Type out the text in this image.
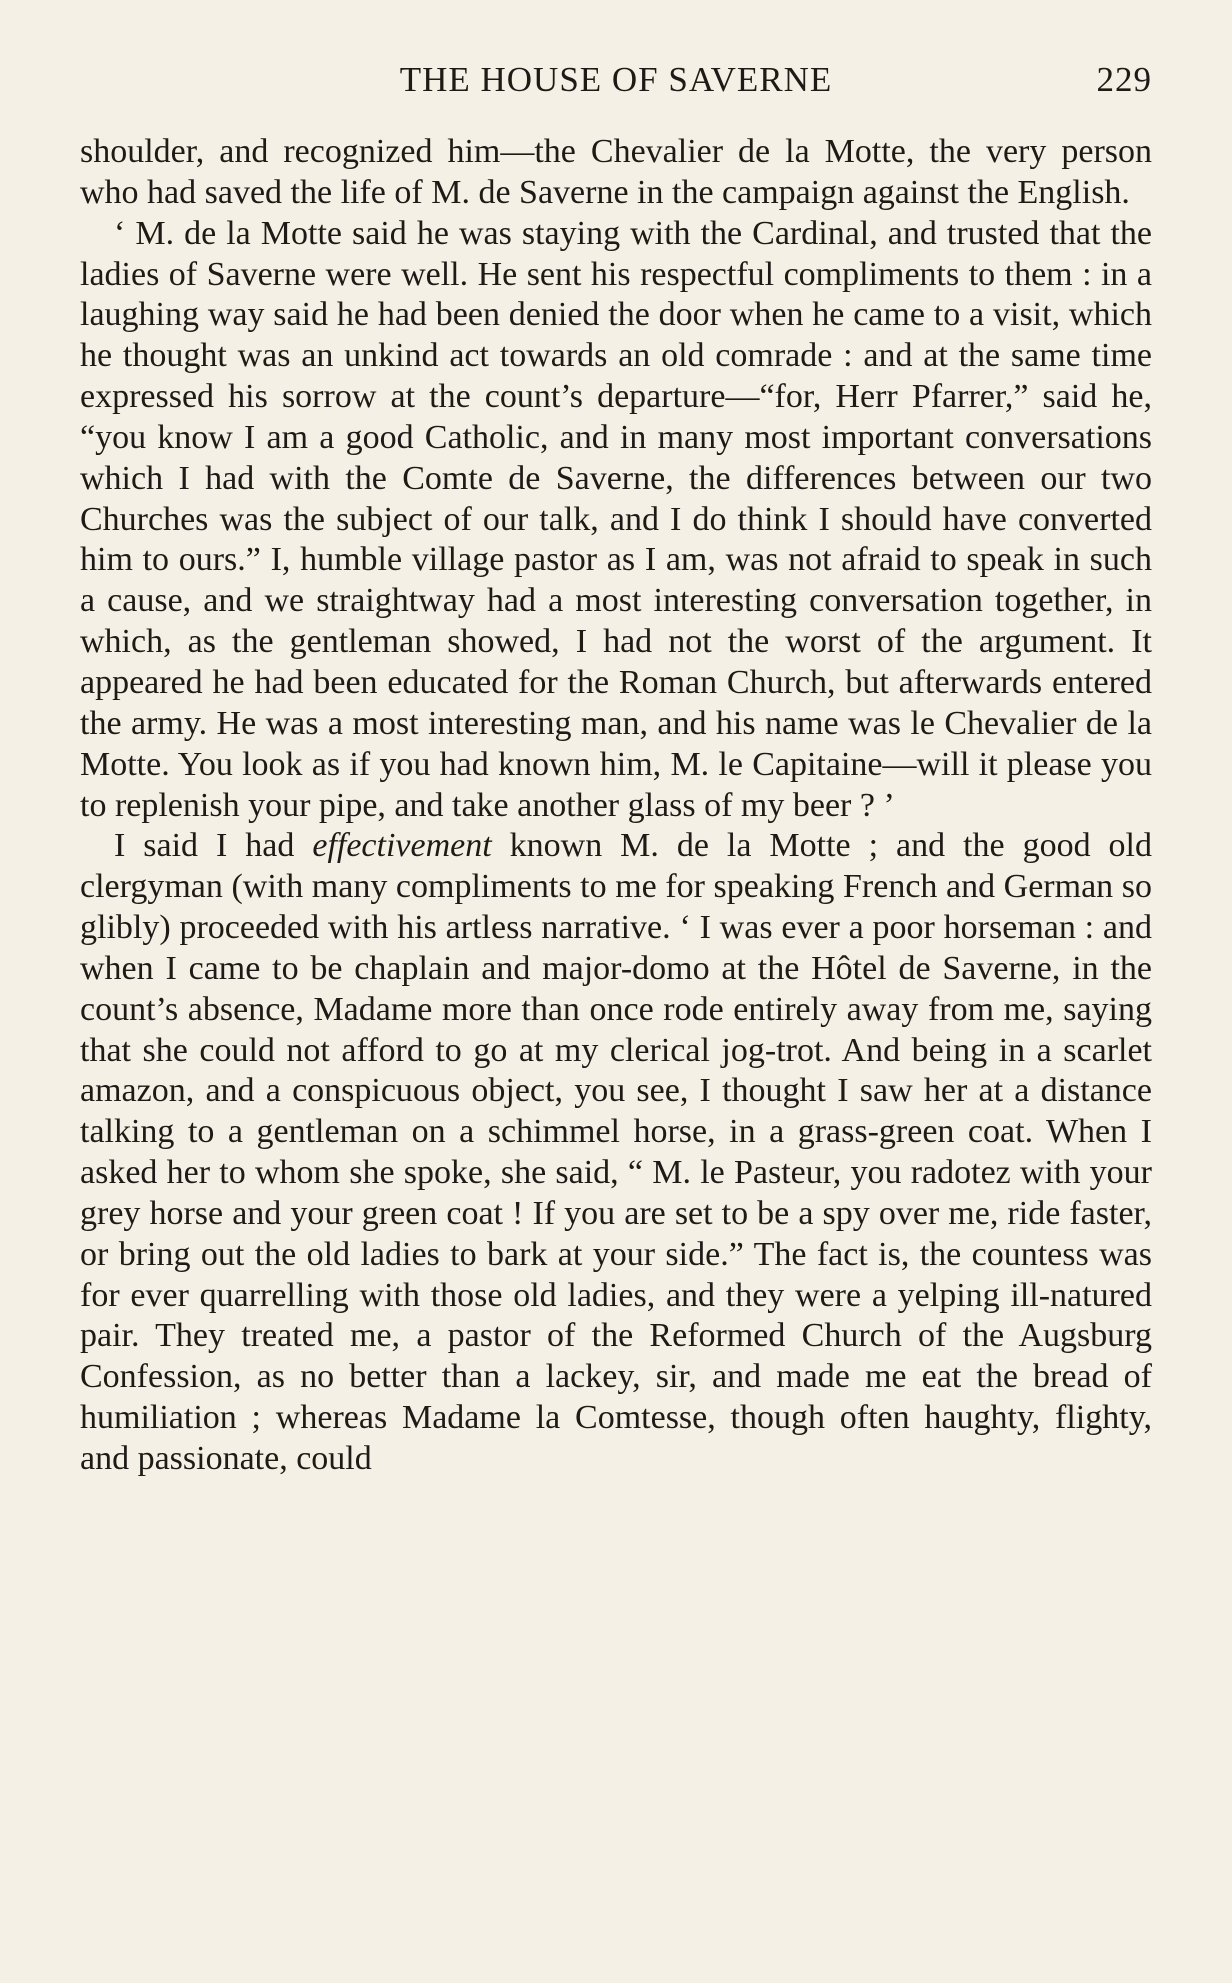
THE HOUSE OF SAVERNE	229

shoulder, and recognized him—the Chevalier de la Motte, the very person who had saved the life of M. de Saverne in the campaign against the English.

‘ M. de la Motte said he was staying with the Cardinal, and trusted that the ladies of Saverne were well. He sent his respectful compliments to them : in a laughing way said he had been denied the door when he came to a visit, which he thought was an unkind act towards an old comrade : and at the same time expressed his sorrow at the count’s departure—“for, Herr Pfarrer,” said he, “you know I am a good Catholic, and in many most important conversations which I had with the Comte de Saverne, the differences between our two Churches was the subject of our talk, and I do think I should have converted him to ours.” I, humble village pastor as I am, was not afraid to speak in such a cause, and we straightway had a most interesting conversation together, in which, as the gentleman showed, I had not the worst of the argument. It appeared he had been educated for the Roman Church, but afterwards entered the army. He was a most interesting man, and his name was le Chevalier de la Motte. You look as if you had known him, M. le Capitaine—will it please you to replenish your pipe, and take another glass of my beer ? ’

I said I had effectivement known M. de la Motte ; and the good old clergyman (with many compliments to me for speaking French and German so glibly) proceeded with his artless narrative. ‘ I was ever a poor horseman : and when I came to be chaplain and major-domo at the Hôtel de Saverne, in the count’s absence, Madame more than once rode entirely away from me, saying that she could not afford to go at my clerical jog-trot. And being in a scarlet amazon, and a conspicuous object, you see, I thought I saw her at a distance talking to a gentleman on a schimmel horse, in a grass-green coat. When I asked her to whom she spoke, she said, “ M. le Pasteur, you radotez with your grey horse and your green coat ! If you are set to be a spy over me, ride faster, or bring out the old ladies to bark at your side.” The fact is, the countess was for ever quarrelling with those old ladies, and they were a yelping ill-natured pair. They treated me, a pastor of the Reformed Church of the Augsburg Confession, as no better than a lackey, sir, and made me eat the bread of humiliation ; whereas Madame la Comtesse, though often haughty, flighty, and passionate, could
